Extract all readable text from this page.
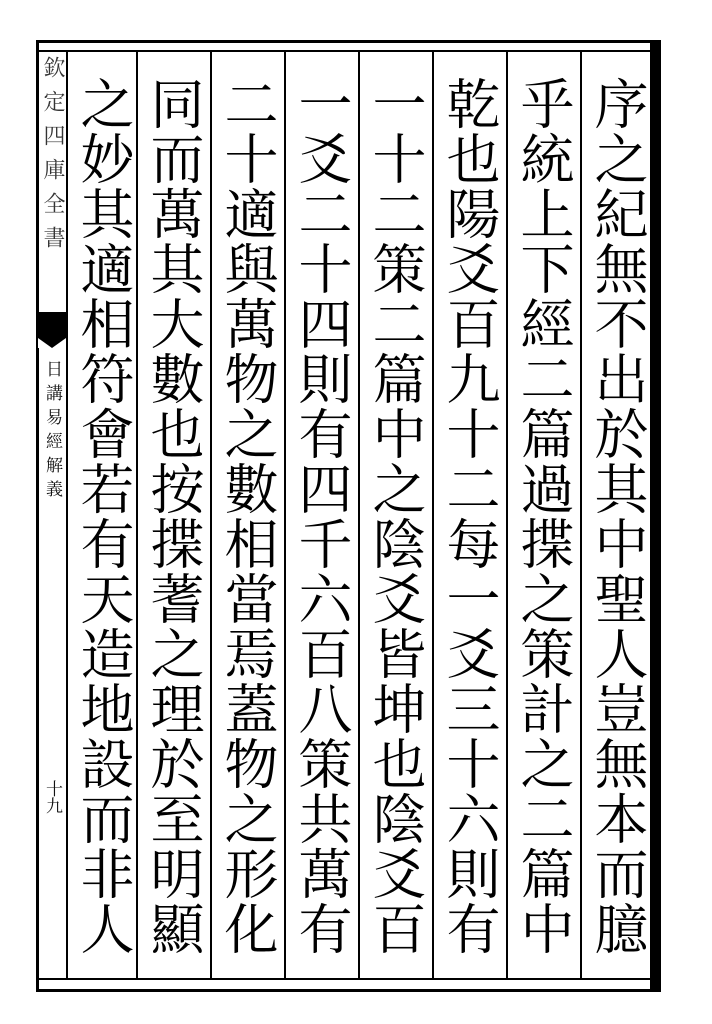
欽定四庫全書
日講易經解義
十九
序之紀無不出於其中聖人豈無本而臆
乎統上下經二篇過揲之策計之二篇中
乾也陽爻百九十二每一爻三十六則有
一十二策二篇中之陰爻皆坤也陰爻百
一爻二十四則有四千六百八策共萬有
二十適與萬物之數相當焉蓋物之形化
同而萬其大數也按揲蓍之理於至明顯
之妙其適相符會若有天造地設而非人
